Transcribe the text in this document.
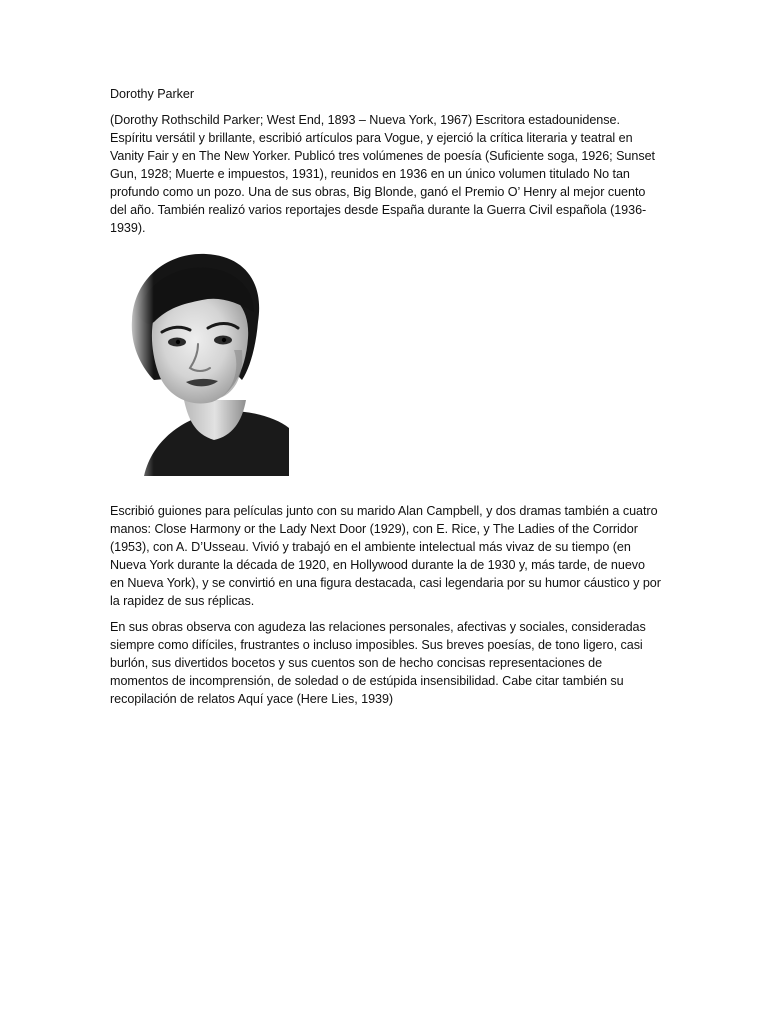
Dorothy Parker

(Dorothy Rothschild Parker; West End, 1893 – Nueva York, 1967) Escritora estadounidense. Espíritu versátil y brillante, escribió artículos para Vogue, y ejerció la crítica literaria y teatral en Vanity Fair y en The New Yorker. Publicó tres volúmenes de poesía (Suficiente soga, 1926; Sunset Gun, 1928; Muerte e impuestos, 1931), reunidos en 1936 en un único volumen titulado No tan profundo como un pozo. Una de sus obras, Big Blonde, ganó el Premio O’ Henry al mejor cuento del año. También realizó varios reportajes desde España durante la Guerra Civil española (1936-1939).

Escribió guiones para películas junto con su marido Alan Campbell, y dos dramas también a cuatro manos: Close Harmony or the Lady Next Door (1929), con E. Rice, y The Ladies of the Corridor (1953), con A. D’Usseau. Vivió y trabajó en el ambiente intelectual más vivaz de su tiempo (en Nueva York durante la década de 1920, en Hollywood durante la de 1930 y, más tarde, de nuevo en Nueva York), y se convirtió en una figura destacada, casi legendaria por su humor cáustico y por la rapidez de sus réplicas.

En sus obras observa con agudeza las relaciones personales, afectivas y sociales, consideradas siempre como difíciles, frustrantes o incluso imposibles. Sus breves poesías, de tono ligero, casi burlón, sus divertidos bocetos y sus cuentos son de hecho concisas representaciones de momentos de incomprensión, de soledad o de estúpida insensibilidad. Cabe citar también su recopilación de relatos Aquí yace (Here Lies, 1939)
